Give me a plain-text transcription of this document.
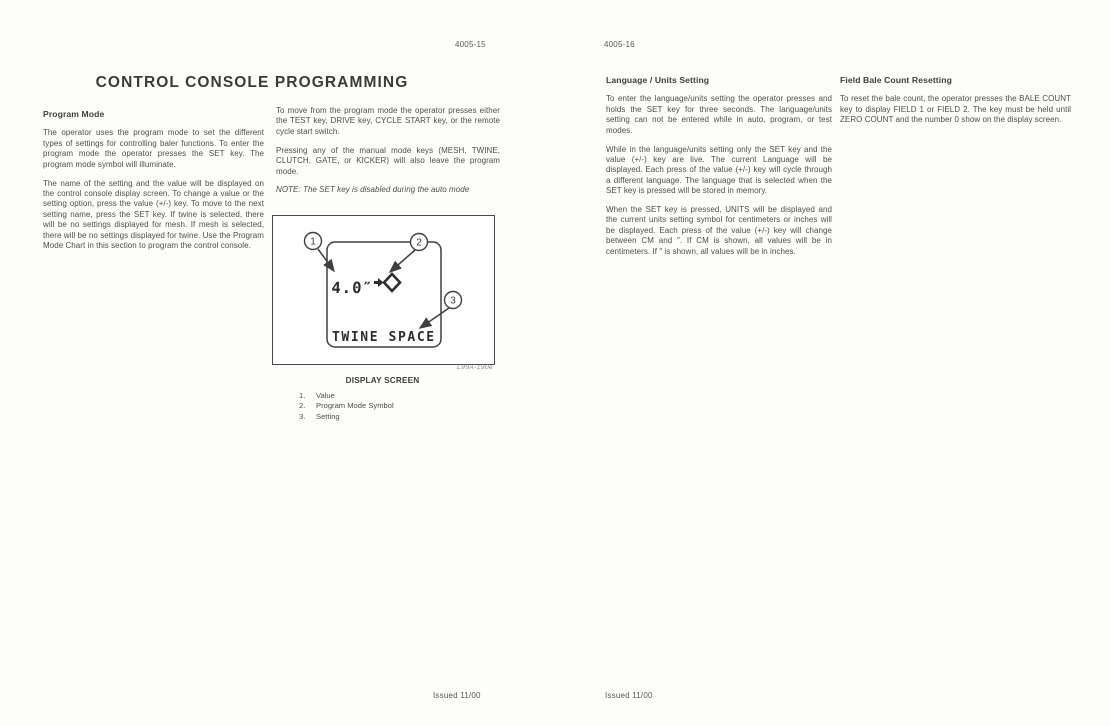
4005-15
CONTROL CONSOLE PROGRAMMING
Program Mode

The operator uses the program mode to set the different types of settings for controlling baler functions. To enter the program mode the operator presses the SET key. The program mode symbol will illuminate.

The name of the setting and the value will be displayed on the control console display screen. To change a value or the setting option, press the value (+/-) key. To move to the next setting name, press the SET key. If twine is selected, there will be no settings displayed for mesh. If mesh is selected, there will be no settings displayed for twine. Use the Program Mode Chart in this section to program the control console.

To move from the program mode the operator presses either the TEST key, DRIVE key, CYCLE START key, or the remote cycle start switch.

Pressing any of the manual mode keys (MESH, TWINE, CLUTCH, GATE, or KICKER) will also leave the program mode.

NOTE: The SET key is disabled during the auto mode

4.0″
TWINE SPACE
1	2
3
L99A-190e
DISPLAY SCREEN
1.	Value
2.	Program Mode Symbol
3.	Setting
Issued 11/00
4005-16
Language / Units Setting

To enter the language/units setting the operator presses and holds the SET key for three seconds. The language/units setting can not be entered while in auto, program, or test modes.

While in the language/units setting only the SET key and the value (+/-) key are live. The current Language will be displayed. Each press of the value (+/-) key will cycle through a different language. The language that is selected when the SET key is pressed will be stored in memory.

When the SET key is pressed, UNITS will be displayed and the current units setting symbol for centimeters or inches will be displayed. Each press of the value (+/-) key will change between CM and ″. If CM is shown, all values will be in centimeters. If ″ is shown, all values will be in inches.

Field Bale Count Resetting

To reset the bale count, the operator presses the BALE COUNT key to display FIELD 1 or FIELD 2. The key must be held until ZERO COUNT and the number 0 show on the display screen.

Issued 11/00
